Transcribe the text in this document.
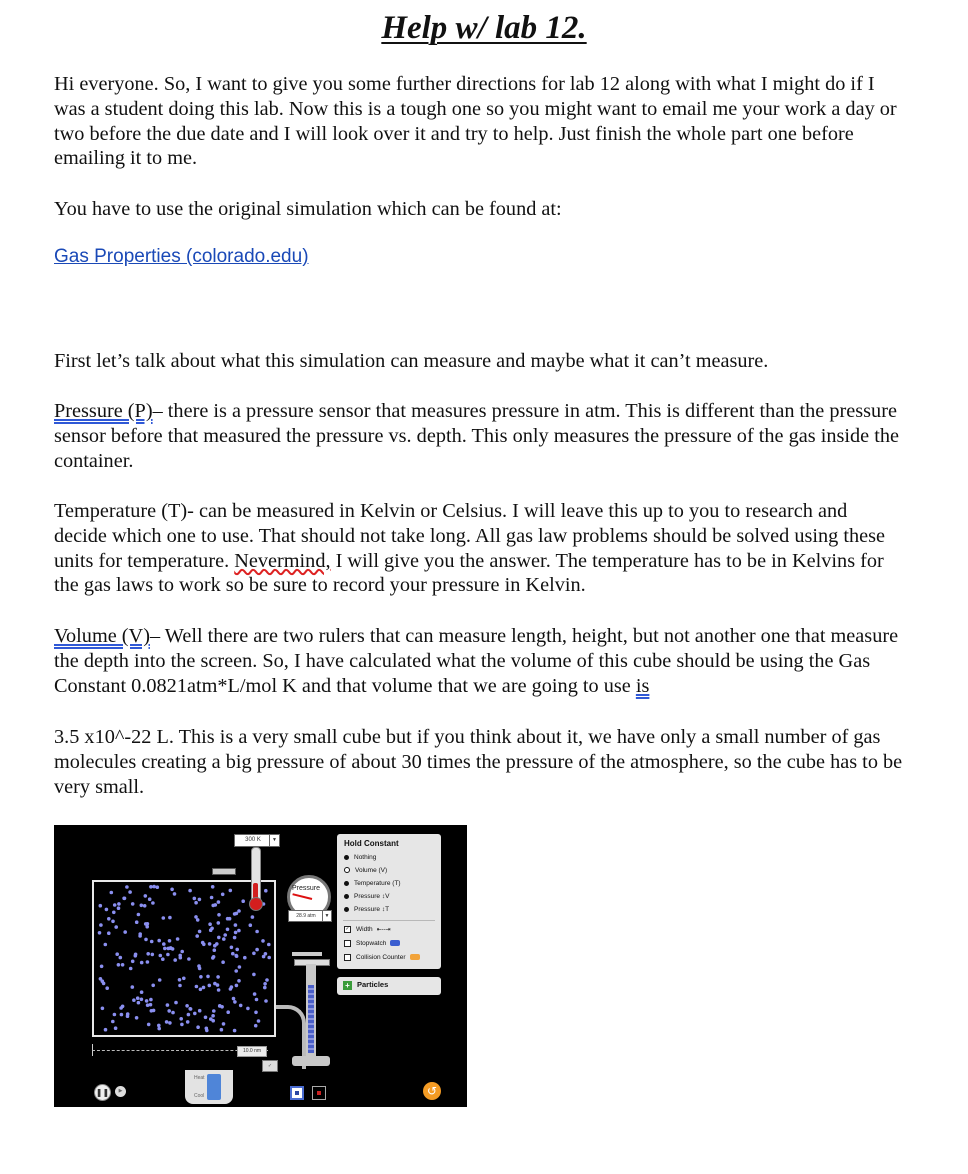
Help w/ lab 12.

Hi everyone. So, I want to give you some further directions for lab 12 along with what I might do if I was a student doing this lab. Now this is a tough one so you might want to email me your work a day or two before the due date and I will look over it and try to help. Just finish the whole part one before emailing it to me.

You have to use the original simulation which can be found at:

Gas Properties (colorado.edu)

First let’s talk about what this simulation can measure and maybe what it can’t measure.

Pressure (P)– there is a pressure sensor that measures pressure in atm. This is different than the pressure sensor before that measured the pressure vs. depth. This only measures the pressure of the gas inside the container.

Temperature (T)- can be measured in Kelvin or Celsius. I will leave this up to you to research and decide which one to use. That should not take long. All gas law problems should be solved using these units for temperature. Nevermind, I will give you the answer. The temperature has to be in Kelvins for the gas laws to work so be sure to record your pressure in Kelvin.

Volume (V)– Well there are two rulers that can measure length, height, but not another one that measure the depth into the screen. So, I have calculated what the volume of this cube should be using the Gas Constant 0.0821atm*L/mol K and that volume that we are going to use is

3.5 x10^-22 L. This is a very small cube but if you think about it, we have only a small number of gas molecules creating a big pressure of about 30 times the pressure of the atmosphere, so the cube has to be very small.

300 K	▼
Pressure
28.9 atm	▼
10.0 nm
✓
Heat
Cool
❚❚	▶	↺
Hold Constant
Nothing
Volume (V)
Temperature (T)
Pressure ↕V
Pressure ↕T
✓ Width ⇤--⇥
Stopwatch
Collision Counter
+ Particles
